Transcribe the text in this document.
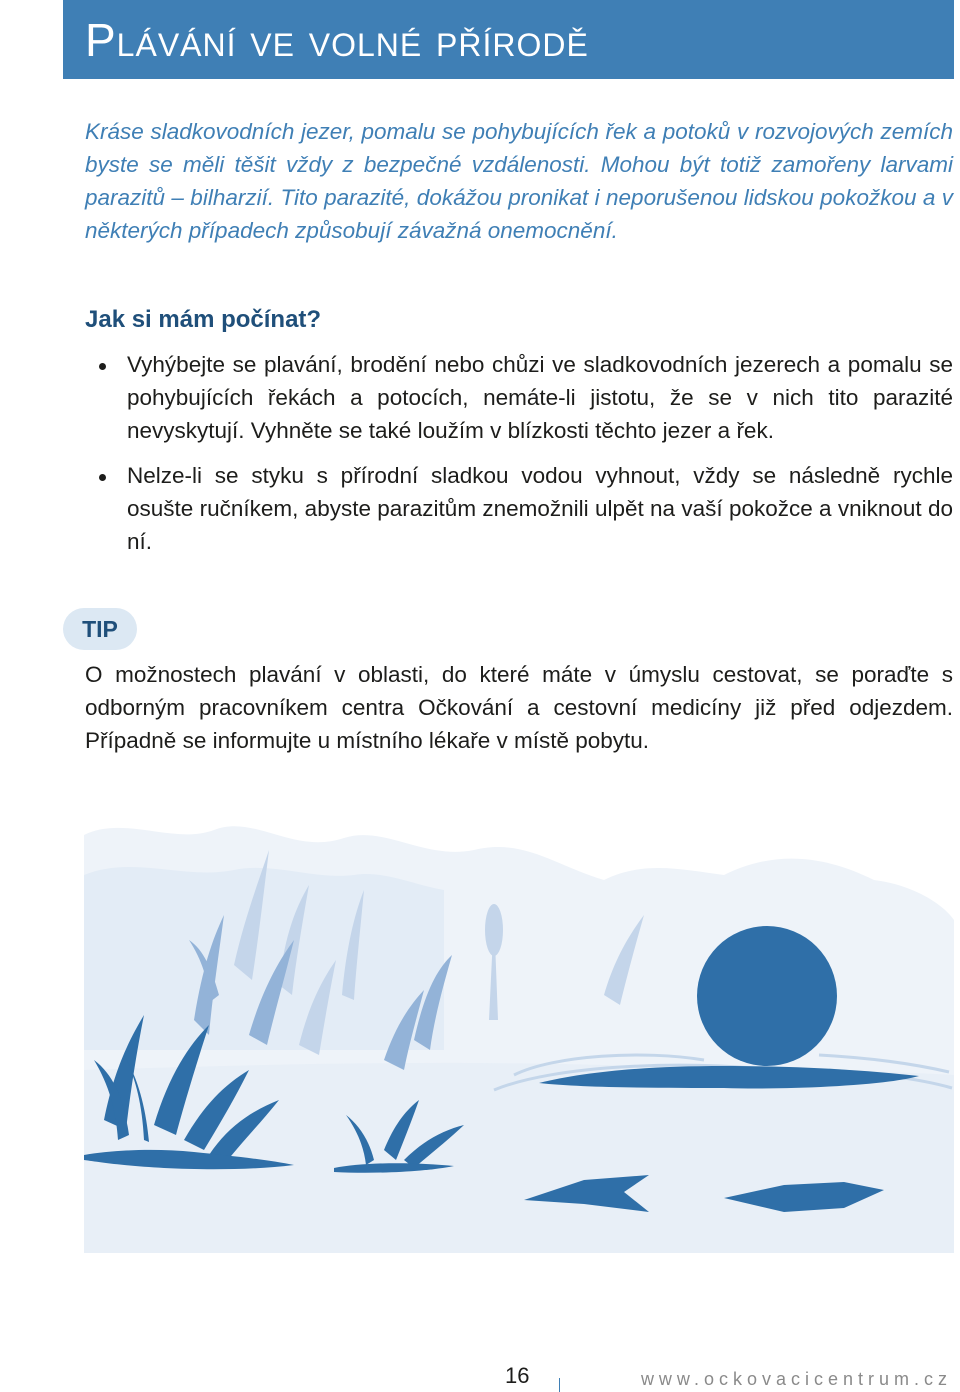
Plávání ve volné přírodě

Kráse sladkovodních jezer, pomalu se pohybujících řek a potoků v rozvojových zemích byste se měli těšit vždy z bezpečné vzdálenosti. Mohou být totiž zamořeny larvami parazitů – bilharzií. Tito parazité, dokážou pronikat i neporušenou lidskou pokožkou a v některých případech způsobují závažná onemocnění.

Jak si mám počínat?
Vyhýbejte se plavání, brodění nebo chůzi ve sladkovodních jezerech a pomalu se pohybujících řekách a potocích, nemáte-li jistotu, že se v nich tito parazité nevyskytují. Vyhněte se také loužím v blízkosti těchto jezer a řek.
Nelze-li se styku s přírodní sladkou vodou vyhnout, vždy se následně rychle osušte ručníkem, abyste parazitům znemožnili ulpět na vaší pokožce a vniknout do ní.
TIP

O možnostech plavání v oblasti, do které máte v úmyslu cestovat, se poraďte s odborným pracovníkem centra Očkování a cestovní medicíny již před odjezdem. Případně se informujte u místního lékaře v místě pobytu.

16	www.ockovacicentrum.cz
